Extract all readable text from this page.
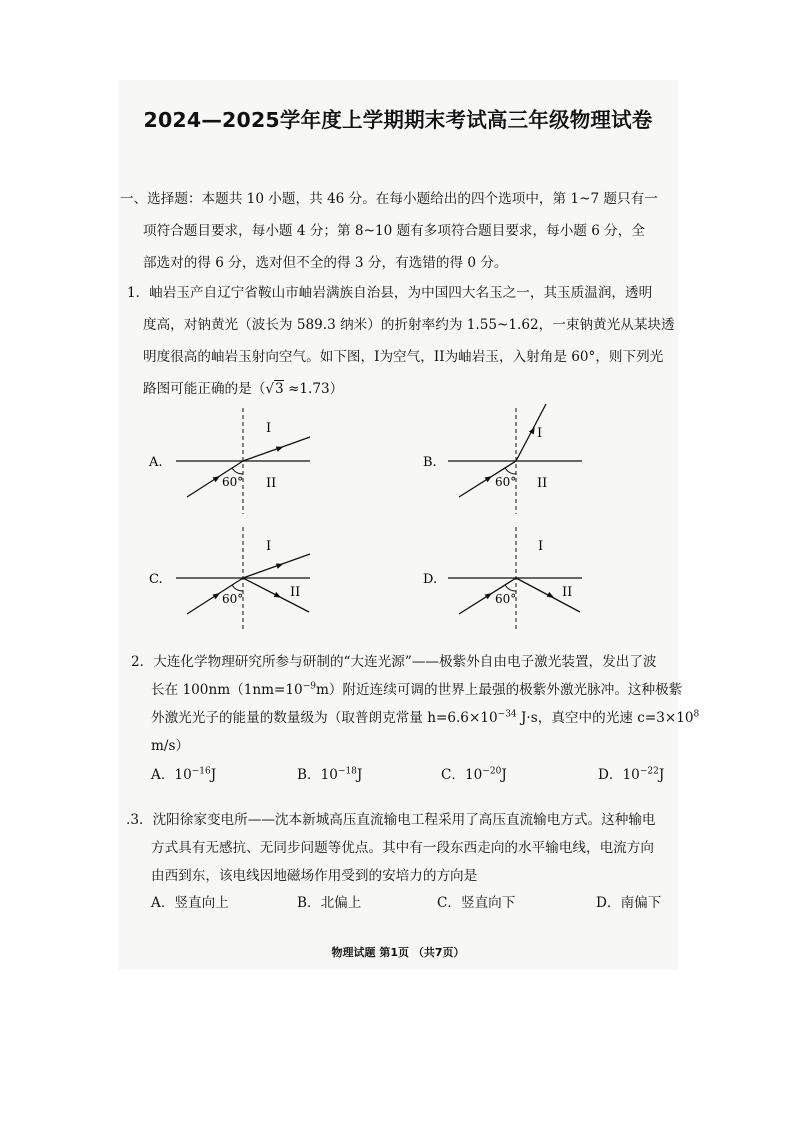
2024—2025学年度上学期期末考试高三年级物理试卷
一、选择题：本题共 10 小题，共 46 分。在每小题给出的四个选项中，第 1~7 题只有一
项符合题目要求，每小题 4 分；第 8~10 题有多项符合题目要求，每小题 6 分，全
部选对的得 6 分，选对但不全的得 3 分，有选错的得 0 分。
1．岫岩玉产自辽宁省鞍山市岫岩满族自治县，为中国四大名玉之一，其玉质温润，透明
度高，对钠黄光（波长为 589.3 纳米）的折射率约为 1.55~1.62，一束钠黄光从某块透
明度很高的岫岩玉射向空气。如下图，I为空气，II为岫岩玉，入射角是 60°，则下列光
路图可能正确的是（√3 ≈1.73）
A.
60°
I
II
B.
60°
I
II
C.
60°
I
II
D.
60°
I
II
2．大连化学物理研究所参与研制的“大连光源”——极紫外自由电子激光装置，发出了波
长在 $100nm(1nm=10^{-9}m)$附近连续可调的世界上最强的极紫外激光脉冲。这种极紫
外激光光子的能量的数量级为（取普朗克常量 $h=6.6\times 10^{-34}$ J·s，真空中的光速 $c=3\times 10^8$
m/s）
A．$10^{-16}J$	B．$10^{-18}J$	C．$10^{-20}J$	D．$10^{-22}J$
.3．沈阳徐家变电所——沈本新城高压直流输电工程采用了高压直流输电方式。这种输电
方式具有无感抗、无同步问题等优点。其中有一段东西走向的水平输电线，电流方向
由西到东，该电线因地磁场作用受到的安培力的方向是
A．竖直向上	B．北偏上	C．竖直向下	D．南偏下
物理试题 第1页 （共7页）
